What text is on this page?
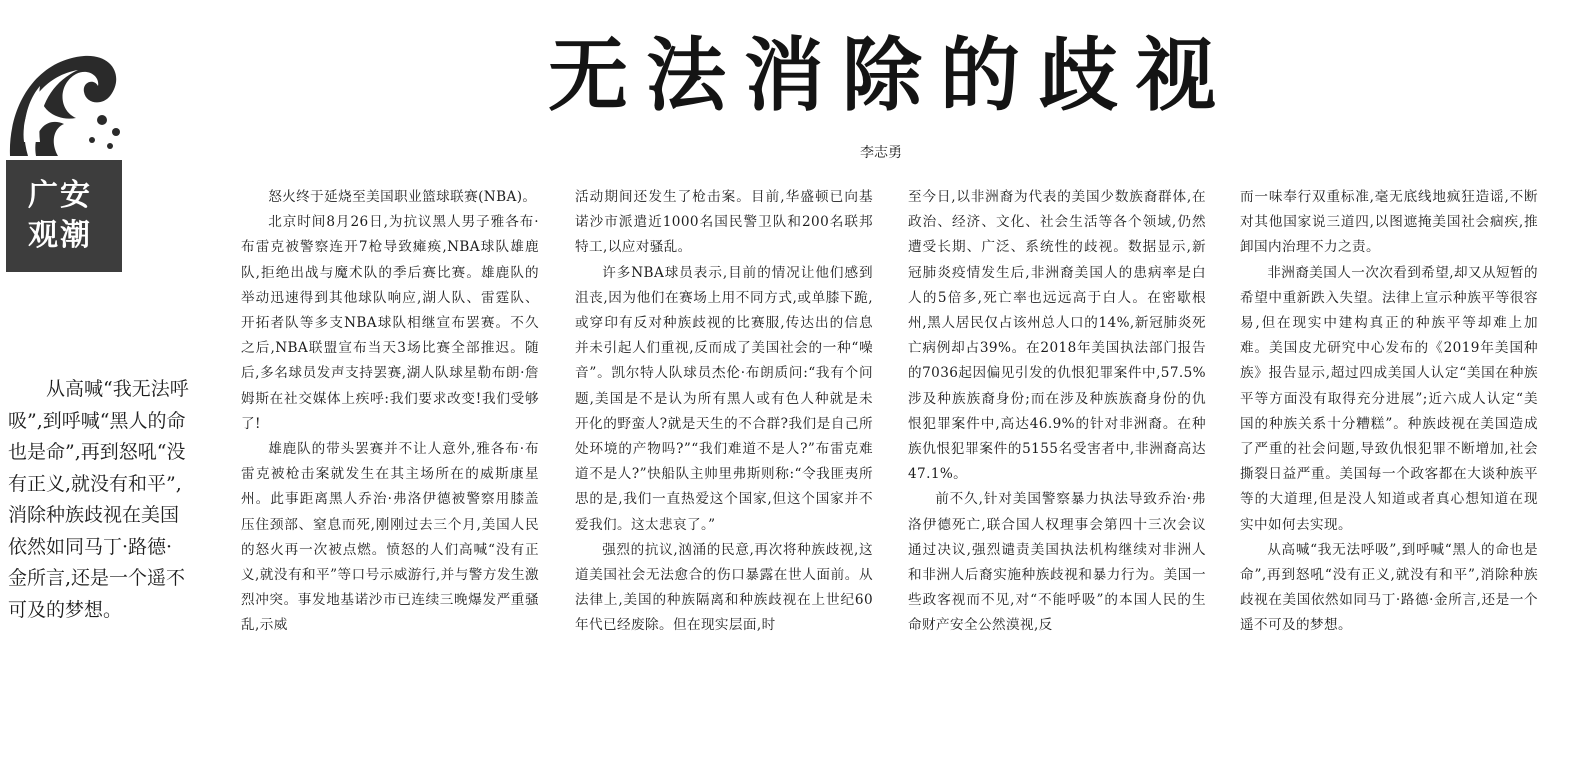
广安
观潮
无法消除的歧视
李志勇

从高喊“我无法呼吸”,到呼喊“黑人的命也是命”,再到怒吼“没有正义,就没有和平”,消除种族歧视在美国依然如同马丁·路德·金所言,还是一个遥不可及的梦想。

怒火终于延烧至美国职业篮球联赛(NBA)。

北京时间8月26日,为抗议黑人男子雅各布·布雷克被警察连开7枪导致瘫痪,NBA球队雄鹿队,拒绝出战与魔术队的季后赛比赛。雄鹿队的举动迅速得到其他球队响应,湖人队、雷霆队、开拓者队等多支NBA球队相继宣布罢赛。不久之后,NBA联盟宣布当天3场比赛全部推迟。随后,多名球员发声支持罢赛,湖人队球星勒布朗·詹姆斯在社交媒体上疾呼:我们要求改变!我们受够了!

雄鹿队的带头罢赛并不让人意外,雅各布·布雷克被枪击案就发生在其主场所在的威斯康星州。此事距离黑人乔治·弗洛伊德被警察用膝盖压住颈部、窒息而死,刚刚过去三个月,美国人民的怒火再一次被点燃。愤怒的人们高喊“没有正义,就没有和平”等口号示威游行,并与警方发生激烈冲突。事发地基诺沙市已连续三晚爆发严重骚乱,示威

活动期间还发生了枪击案。目前,华盛顿已向基诺沙市派遣近1000名国民警卫队和200名联邦特工,以应对骚乱。

许多NBA球员表示,目前的情况让他们感到沮丧,因为他们在赛场上用不同方式,或单膝下跪,或穿印有反对种族歧视的比赛服,传达出的信息并未引起人们重视,反而成了美国社会的一种“噪音”。凯尔特人队球员杰伦·布朗质问:“我有个问题,美国是不是认为所有黑人或有色人种就是未开化的野蛮人?就是天生的不合群?我们是自己所处环境的产物吗?”“我们难道不是人?”布雷克难道不是人?”快船队主帅里弗斯则称:“令我匪夷所思的是,我们一直热爱这个国家,但这个国家并不爱我们。这太悲哀了。”

强烈的抗议,汹涌的民意,再次将种族歧视,这道美国社会无法愈合的伤口暴露在世人面前。从法律上,美国的种族隔离和种族歧视在上世纪60年代已经废除。但在现实层面,时

至今日,以非洲裔为代表的美国少数族裔群体,在政治、经济、文化、社会生活等各个领域,仍然遭受长期、广泛、系统性的歧视。数据显示,新冠肺炎疫情发生后,非洲裔美国人的患病率是白人的5倍多,死亡率也远远高于白人。在密歇根州,黑人居民仅占该州总人口的14%,新冠肺炎死亡病例却占39%。在2018年美国执法部门报告的7036起因偏见引发的仇恨犯罪案件中,57.5%涉及种族族裔身份;而在涉及种族族裔身份的仇恨犯罪案件中,高达46.9%的针对非洲裔。在种族仇恨犯罪案件的5155名受害者中,非洲裔高达47.1%。

前不久,针对美国警察暴力执法导致乔治·弗洛伊德死亡,联合国人权理事会第四十三次会议通过决议,强烈谴责美国执法机构继续对非洲人和非洲人后裔实施种族歧视和暴力行为。美国一些政客视而不见,对“不能呼吸”的本国人民的生命财产安全公然漠视,反

而一味奉行双重标准,毫无底线地疯狂造谣,不断对其他国家说三道四,以图遮掩美国社会痼疾,推卸国内治理不力之责。

非洲裔美国人一次次看到希望,却又从短暂的希望中重新跌入失望。法律上宣示种族平等很容易,但在现实中建构真正的种族平等却难上加难。美国皮尤研究中心发布的《2019年美国种族》报告显示,超过四成美国人认定“美国在种族平等方面没有取得充分进展”;近六成人认定“美国的种族关系十分糟糕”。种族歧视在美国造成了严重的社会问题,导致仇恨犯罪不断增加,社会撕裂日益严重。美国每一个政客都在大谈种族平等的大道理,但是没人知道或者真心想知道在现实中如何去实现。

从高喊“我无法呼吸”,到呼喊“黑人的命也是命”,再到怒吼“没有正义,就没有和平”,消除种族歧视在美国依然如同马丁·路德·金所言,还是一个遥不可及的梦想。
